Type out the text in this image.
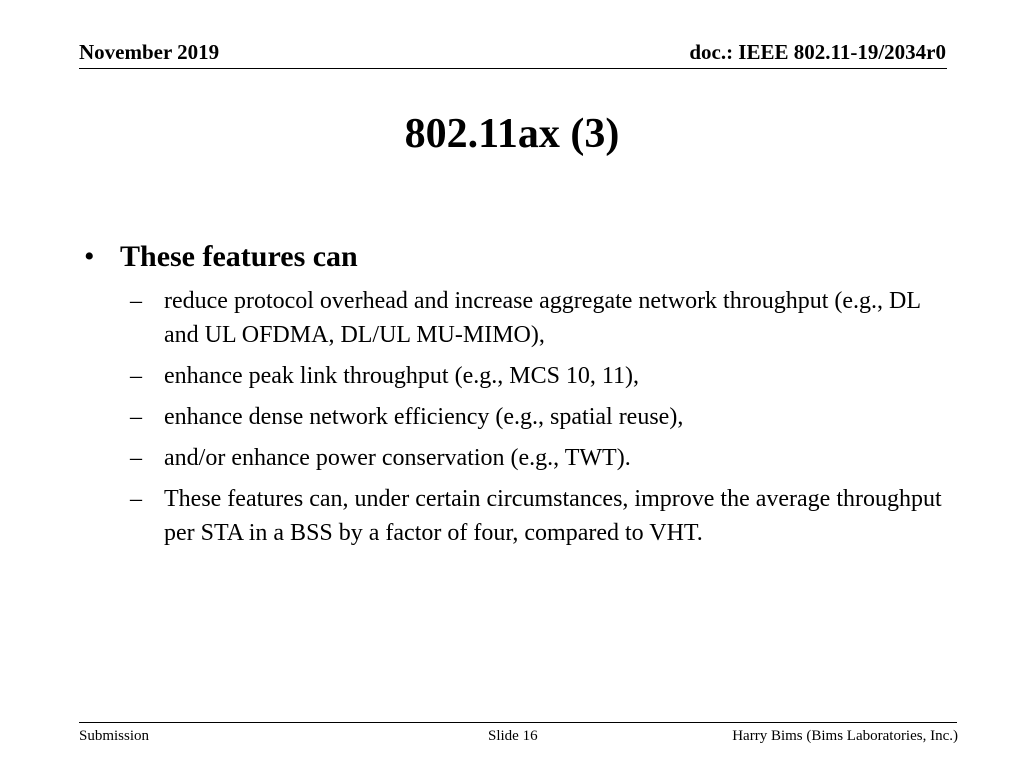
November 2019	doc.: IEEE 802.11-19/2034r0
802.11ax (3)
• These features can
– reduce protocol overhead and increase aggregate network throughput (e.g., DL and UL OFDMA, DL/UL MU-MIMO),
– enhance peak link throughput (e.g., MCS 10, 11),
– enhance dense network efficiency (e.g., spatial reuse),
– and/or enhance power conservation (e.g., TWT).
– These features can, under certain circumstances, improve the average throughput per STA in a BSS by a factor of four, compared to VHT.
Submission	Slide 16	Harry Bims (Bims Laboratories, Inc.)
